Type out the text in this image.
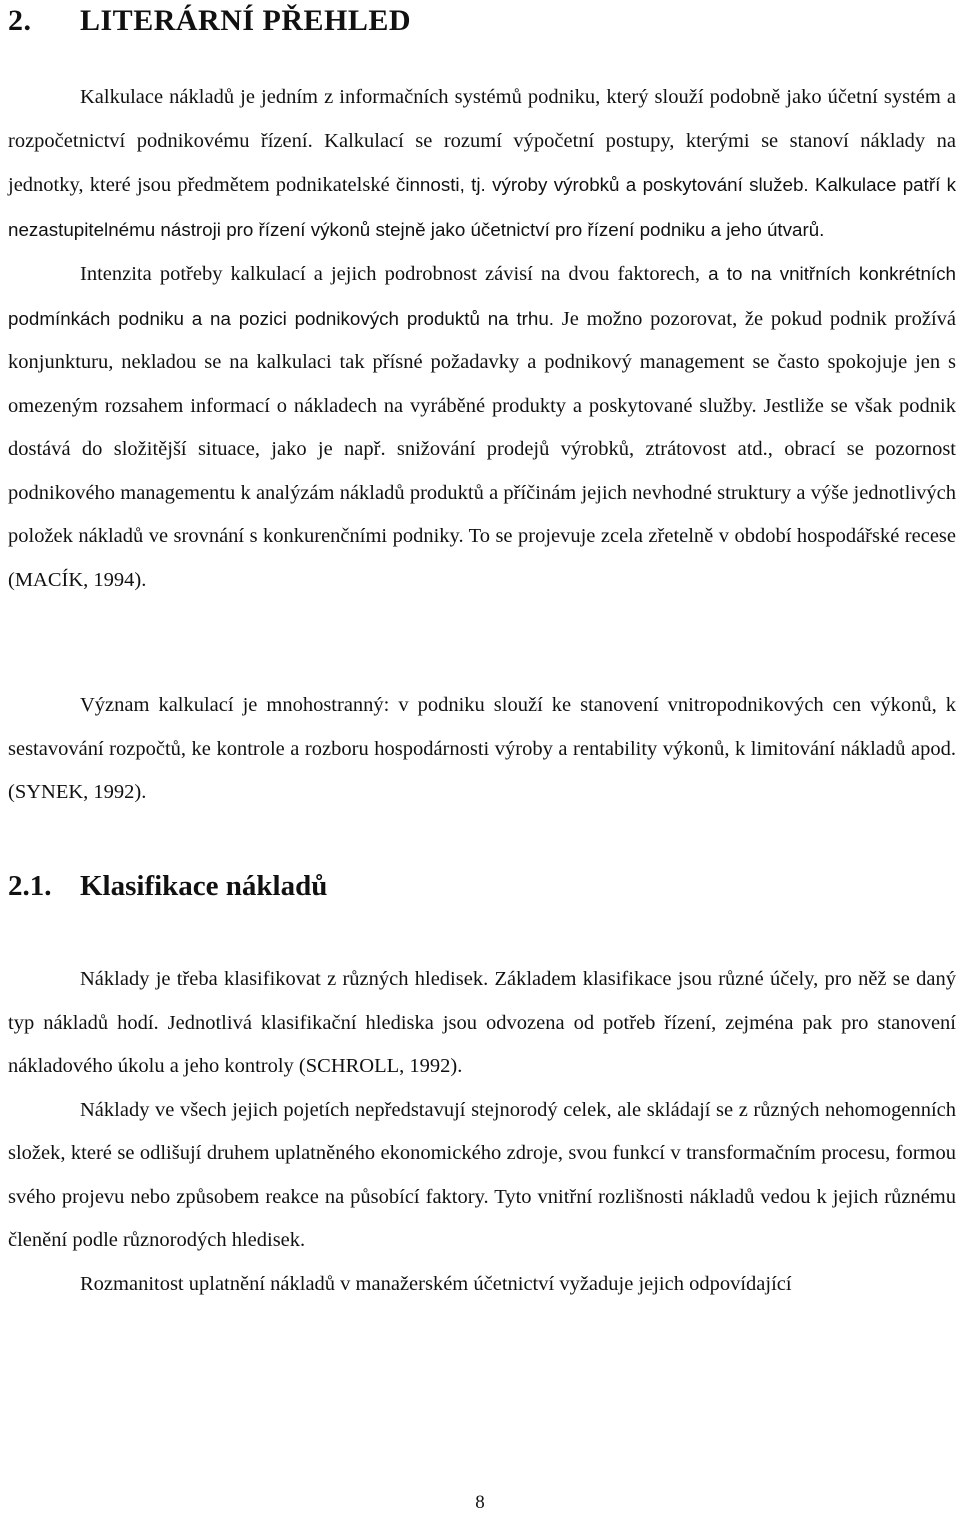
2. LITERÁRNÍ PŘEHLED

Kalkulace nákladů je jedním z informačních systémů podniku, který slouží podobně jako účetní systém a rozpočetnictví podnikovému řízení. Kalkulací se rozumí výpočetní postupy, kterými se stanoví náklady na jednotky, které jsou předmětem podnikatelské činnosti, tj. výroby výrobků a poskytování služeb. Kalkulace patří k nezastupitelnému nástroji pro řízení výkonů stejně jako účetnictví pro řízení podniku a jeho útvarů.

Intenzita potřeby kalkulací a jejich podrobnost závisí na dvou faktorech, a to na vnitřních konkrétních podmínkách podniku a na pozici podnikových produktů na trhu. Je možno pozorovat, že pokud podnik prožívá konjunkturu, nekladou se na kalkulaci tak přísné požadavky a podnikový management se často spokojuje jen s omezeným rozsahem informací o nákladech na vyráběné produkty a poskytované služby. Jestliže se však podnik dostává do složitější situace, jako je např. snižování prodejů výrobků, ztrátovost atd., obrací se pozornost podnikového managementu k analýzám nákladů produktů a příčinám jejich nevhodné struktury a výše jednotlivých položek nákladů ve srovnání s konkurenčními podniky. To se projevuje zcela zřetelně v období hospodářské recese (MACÍK, 1994).

Význam kalkulací je mnohostranný: v podniku slouží ke stanovení vnitropodnikových cen výkonů, k sestavování rozpočtů, ke kontrole a rozboru hospodárnosti výroby a rentability výkonů, k limitování nákladů apod. (SYNEK, 1992).

2.1. Klasifikace nákladů

Náklady je třeba klasifikovat z různých hledisek. Základem klasifikace jsou různé účely, pro něž se daný typ nákladů hodí. Jednotlivá klasifikační hlediska jsou odvozena od potřeb řízení, zejména pak pro stanovení nákladového úkolu a jeho kontroly (SCHROLL, 1992).

Náklady ve všech jejich pojetích nepředstavují stejnorodý celek, ale skládají se z různých nehomogenních složek, které se odlišují druhem uplatněného ekonomického zdroje, svou funkcí v transformačním procesu, formou svého projevu nebo způsobem reakce na působící faktory. Tyto vnitřní rozlišnosti nákladů vedou k jejich různému členění podle různorodých hledisek.

Rozmanitost uplatnění nákladů v manažerském účetnictví vyžaduje jejich odpovídající

8
